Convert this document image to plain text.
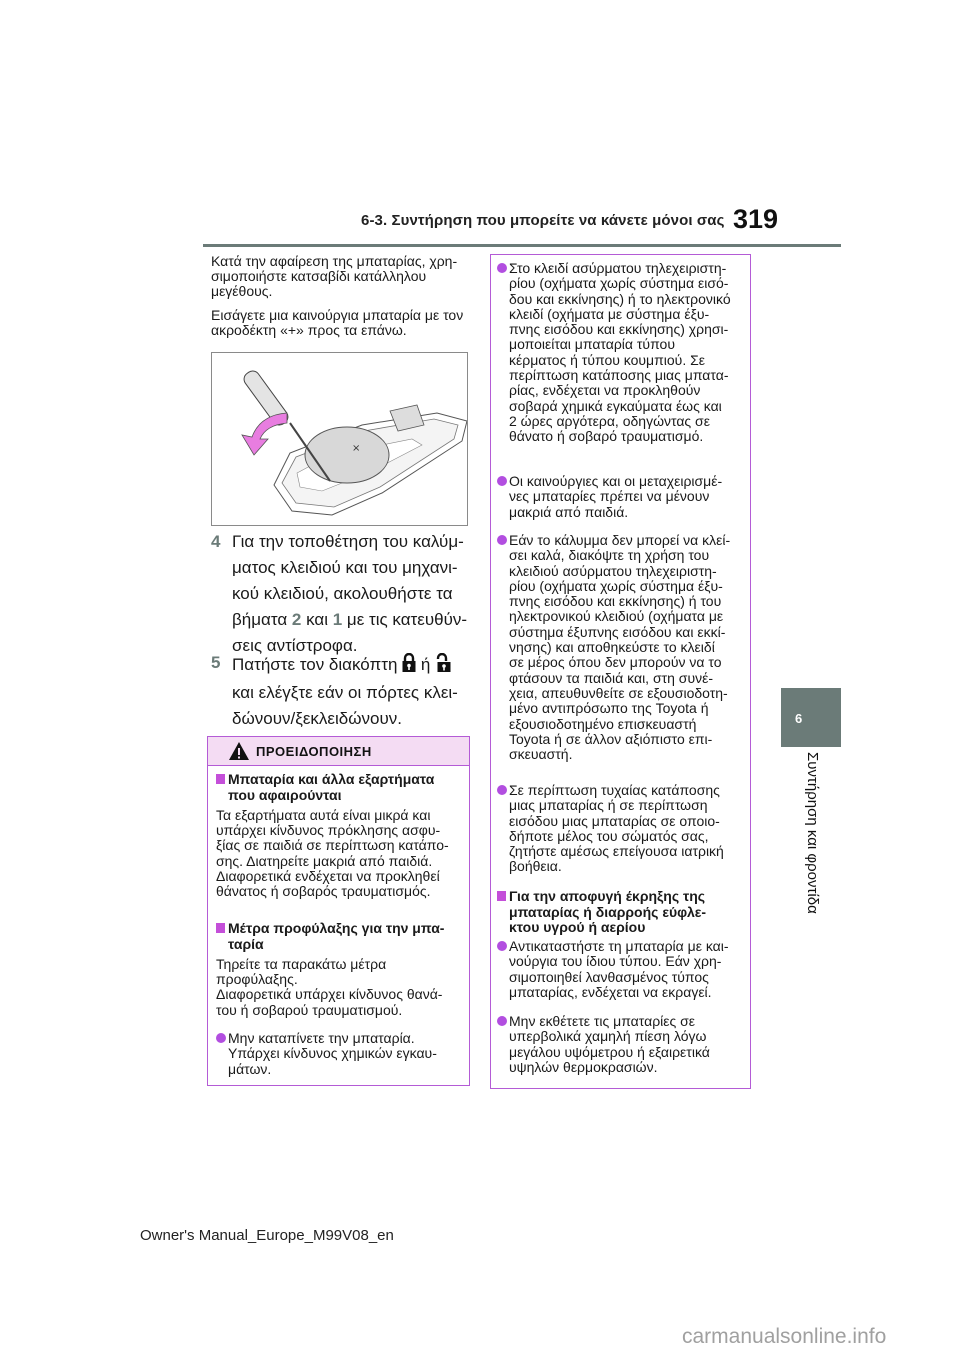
6-3. Συντήρηση που μπορείτε να κάνετε μόνοι σας 319
6
Συντήρηση και φροντίδα
Κατά την αφαίρεση της μπαταρίας, χρη-σιμοποιήστε κατσαβίδι κατάλληλου μεγέθους.
Εισάγετε μια καινούργια μπαταρία με τον ακροδέκτη «+» προς τα επάνω.
×
4 Για την τοποθέτηση του καλύμ-
ματος κλειδιού και του μηχανι-
κού κλειδιού, ακολουθήστε τα
βήματα 2 και 1 με τις κατευθύν-
σεις αντίστροφα.
5 Πατήστε τον διακόπτη ή
και ελέγξτε εάν οι πόρτες κλει-
δώνουν/ξεκλειδώνουν.
ΠΡΟΕΙΔΟΠΟΙΗΣΗ
Μπαταρία και άλλα εξαρτήματα
που αφαιρούνται
Τα εξαρτήματα αυτά είναι μικρά και
υπάρχει κίνδυνος πρόκλησης ασφυ-
ξίας σε παιδιά σε περίπτωση κατάπο-
σης. Διατηρείτε μακριά από παιδιά.
Διαφορετικά ενδέχεται να προκληθεί
θάνατος ή σοβαρός τραυματισμός.
Μέτρα προφύλαξης για την μπα-
ταρία
Τηρείτε τα παρακάτω μέτρα
προφύλαξης.
Διαφορετικά υπάρχει κίνδυνος θανά-
του ή σοβαρού τραυματισμού.
Μην καταπίνετε την μπαταρία.
Υπάρχει κίνδυνος χημικών εγκαυ-
μάτων.
Στο κλειδί ασύρματου τηλεχειριστη-
ρίου (οχήματα χωρίς σύστημα εισό-
δου και εκκίνησης) ή το ηλεκτρονικό
κλειδί (οχήματα με σύστημα έξυ-
πνης εισόδου και εκκίνησης) χρησι-
μοποιείται μπαταρία τύπου
κέρματος ή τύπου κουμπιού. Σε
περίπτωση κατάποσης μιας μπατα-
ρίας, ενδέχεται να προκληθούν
σοβαρά χημικά εγκαύματα έως και
2 ώρες αργότερα, οδηγώντας σε
θάνατο ή σοβαρό τραυματισμό.
Οι καινούργιες και οι μεταχειρισμέ-
νες μπαταρίες πρέπει να μένουν
μακριά από παιδιά.
Εάν το κάλυμμα δεν μπορεί να κλεί-
σει καλά, διακόψτε τη χρήση του
κλειδιού ασύρματου τηλεχειριστη-
ρίου (οχήματα χωρίς σύστημα έξυ-
πνης εισόδου και εκκίνησης) ή του
ηλεκτρονικού κλειδιού (οχήματα με
σύστημα έξυπνης εισόδου και εκκί-
νησης) και αποθηκεύστε το κλειδί
σε μέρος όπου δεν μπορούν να το
φτάσουν τα παιδιά και, στη συνέ-
χεια, απευθυνθείτε σε εξουσιοδοτη-
μένο αντιπρόσωπο της Toyota ή
εξουσιοδοτημένο επισκευαστή
Toyota ή σε άλλον αξιόπιστο επι-
σκευαστή.
Σε περίπτωση τυχαίας κατάποσης
μιας μπαταρίας ή σε περίπτωση
εισόδου μιας μπαταρίας σε οποιο-
δήποτε μέλος του σώματός σας,
ζητήστε αμέσως επείγουσα ιατρική
βοήθεια.
Για την αποφυγή έκρηξης της
μπαταρίας ή διαρροής εύφλε-
κτου υγρού ή αερίου
Αντικαταστήστε τη μπαταρία με και-
νούργια του ίδιου τύπου. Εάν χρη-
σιμοποιηθεί λανθασμένος τύπος
μπαταρίας, ενδέχεται να εκραγεί.
Μην εκθέτετε τις μπαταρίες σε
υπερβολικά χαμηλή πίεση λόγω
μεγάλου υψόμετρου ή εξαιρετικά
υψηλών θερμοκρασιών.
Owner's Manual_Europe_M99V08_en
carmanualsonline.info
